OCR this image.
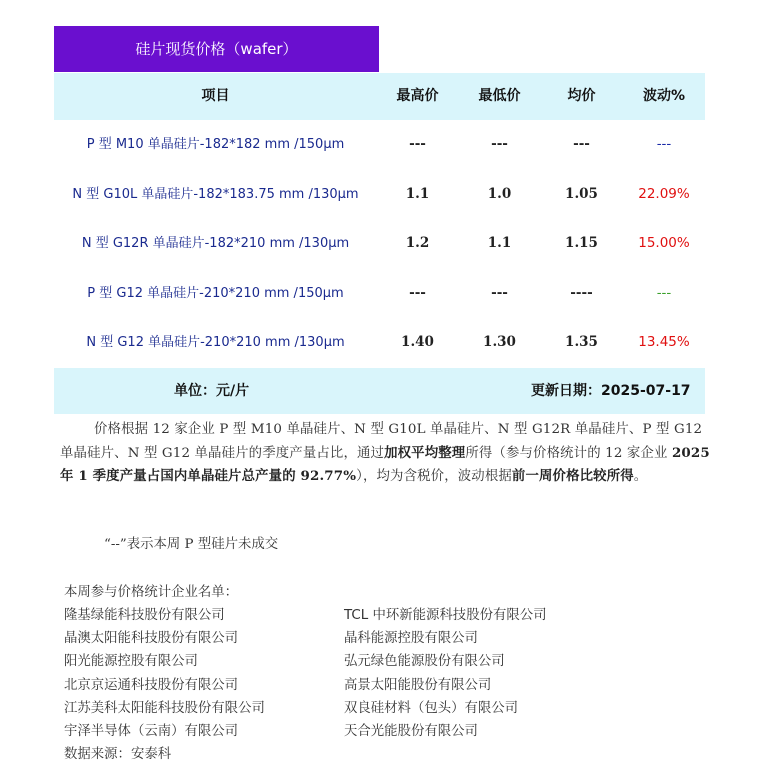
硅片现货价格（wafer）
项目	最高价	最低价	均价	波动%
P 型 M10 单晶硅片-182*182 mm /150μm	---	---	---	---
N 型 G10L 单晶硅片-182*183.75 mm /130μm	1.1	1.0	1.05	22.09%
N 型 G12R 单晶硅片-182*210 mm /130μm	1.2	1.1	1.15	15.00%
P 型 G12 单晶硅片-210*210 mm /150μm	---	---	----	---
N 型 G12 单晶硅片-210*210 mm /130μm	1.40	1.30	1.35	13.45%
单位：元/片	更新日期：2025-07-17
价格根据 12 家企业 P 型 M10 单晶硅片、N 型 G10L 单晶硅片、N 型 G12R 单晶硅片、P 型 G12 单晶硅片、N 型 G12 单晶硅片的季度产量占比，通过加权平均整理所得（参与价格统计的 12 家企业 2025 年 1 季度产量占国内单晶硅片总产量的 92.77%），均为含税价，波动根据前一周价格比较所得。
“--”表示本周 P 型硅片未成交
本周参与价格统计企业名单：
隆基绿能科技股份有限公司
晶澳太阳能科技股份有限公司
阳光能源控股有限公司
北京京运通科技股份有限公司
江苏美科太阳能科技股份有限公司
宇泽半导体（云南）有限公司
TCL 中环新能源科技股份有限公司
晶科能源控股有限公司
弘元绿色能源股份有限公司
高景太阳能股份有限公司
双良硅材料（包头）有限公司
天合光能股份有限公司
数据来源：安泰科
